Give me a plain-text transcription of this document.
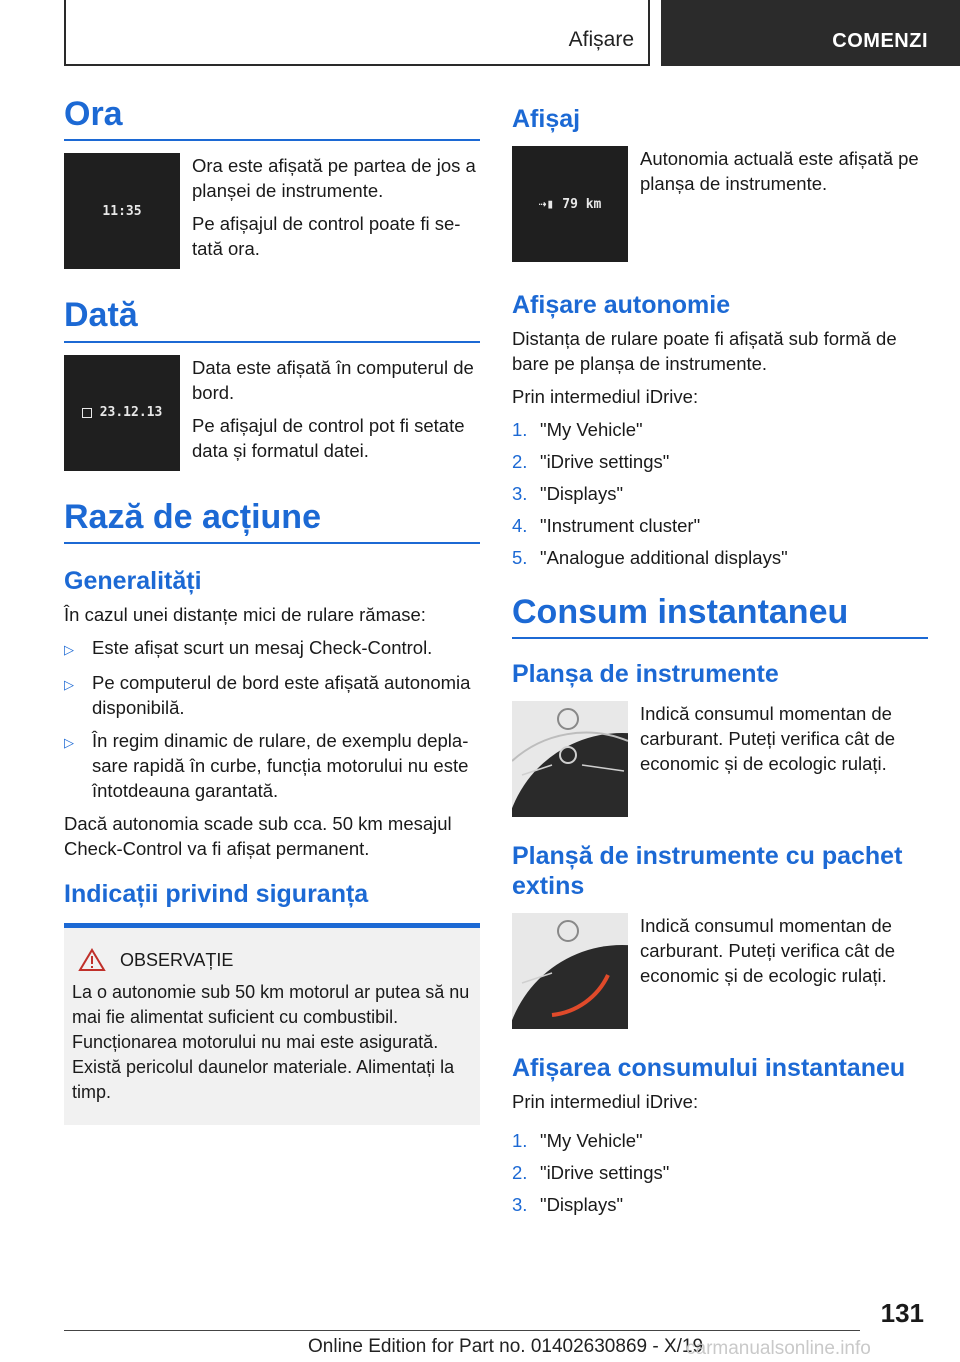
Afișare	COMENZI
Ora
11:35

Ora este afișată pe partea de jos a planșei de instrumente.

Pe afișajul de control poate fi setată ora.

Dată
23.12.13

Data este afișată în computerul de bord.

Pe afișajul de control pot fi setate data și formatul datei.

Rază de acțiune
Generalități

În cazul unei distanțe mici de rulare rămase:

▷ Este afișat scurt un mesaj Check-Control.
▷ Pe computerul de bord este afișată autonomia disponibilă.
▷ În regim dinamic de rulare, de exemplu deplasare rapidă în curbe, funcția motorului nu este întotdeauna garantată.

Dacă autonomia scade sub cca. 50 km mesajul Check-Control va fi afișat permanent.

Indicații privind siguranța
OBSERVAȚIE

La o autonomie sub 50 km motorul ar putea să nu mai fie alimentat suficient cu combustibil. Funcționarea motorului nu mai este asigurată. Există pericolul daunelor materiale. Alimentați la timp.

Afișaj
⇢▮ 79 km

Autonomia actuală este afișată pe planșa de instrumente.

Afișare autonomie

Distanța de rulare poate fi afișată sub formă de bare pe planșa de instrumente.

Prin intermediul iDrive:

1. "My Vehicle"
2. "iDrive settings"
3. "Displays"
4. "Instrument cluster"
5. "Analogue additional displays"
Consum instantaneu
Planșa de instrumente

Indică consumul momentan de carburant. Puteți verifica cât de economic și de ecologic rulați.

Planșă de instrumente cu pachet extins

Indică consumul momentan de carburant. Puteți verifica cât de economic și de ecologic rulați.

Afișarea consumului instantaneu

Prin intermediul iDrive:

1. "My Vehicle"
2. "iDrive settings"
3. "Displays"
131
Online Edition for Part no. 01402630869 - X/19
carmanualsonline.info
